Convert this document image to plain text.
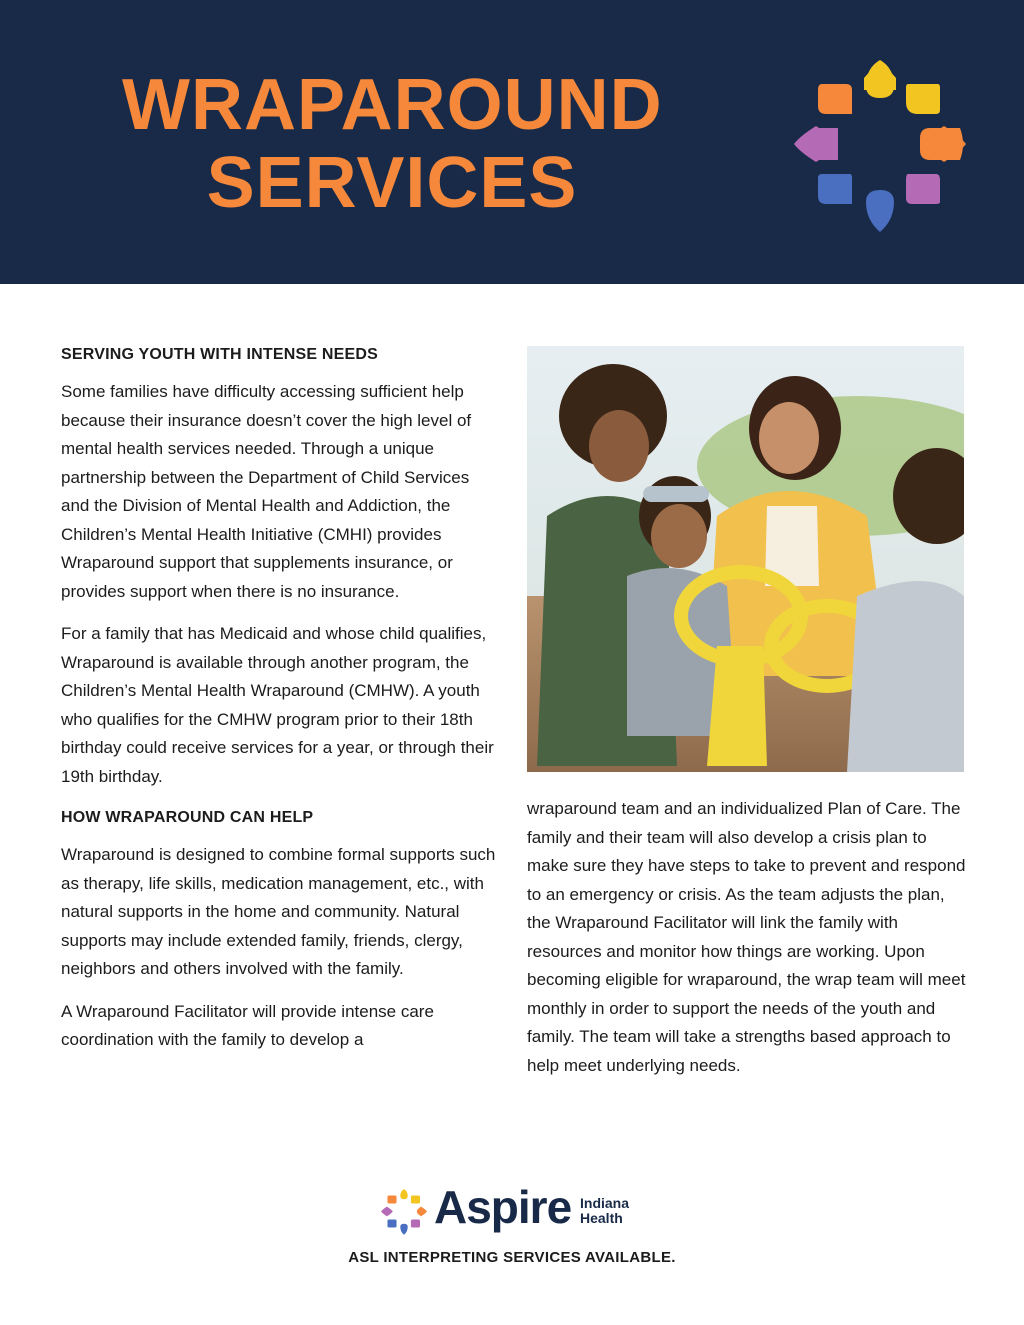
WRAPAROUND
SERVICES
SERVING YOUTH WITH INTENSE NEEDS

Some families have difficulty accessing sufficient help because their insurance doesn’t cover the high level of mental health services needed. Through a unique partnership between the Department of Child Services and the Division of Mental Health and Addiction, the Children’s Mental Health Initiative (CMHI) provides Wraparound support that supplements insurance, or provides support when there is no insurance.

For a family that has Medicaid and whose child qualifies, Wraparound is available through another program, the Children’s Mental Health Wraparound (CMHW). A youth who qualifies for the CMHW program prior to their 18th birthday could receive services for a year, or through their 19th birthday.

HOW WRAPAROUND CAN HELP

Wraparound is designed to combine formal supports such as therapy, life skills, medication management, etc., with natural supports in the home and community. Natural supports may include extended family, friends, clergy, neighbors and others involved with the family.

A Wraparound Facilitator will provide intense care coordination with the family to develop a

wraparound team and an individualized Plan of Care. The family and their team will also develop a crisis plan to make sure they have steps to take to prevent and respond to an emergency or crisis. As the team adjusts the plan, the Wraparound Facilitator will link the family with resources and monitor how things are working. Upon becoming eligible for wraparound, the wrap team will meet monthly in order to support the needs of the youth and family. The team will take a strengths based approach to help meet underlying needs.

Aspire Indiana
Health
ASL INTERPRETING SERVICES AVAILABLE.
